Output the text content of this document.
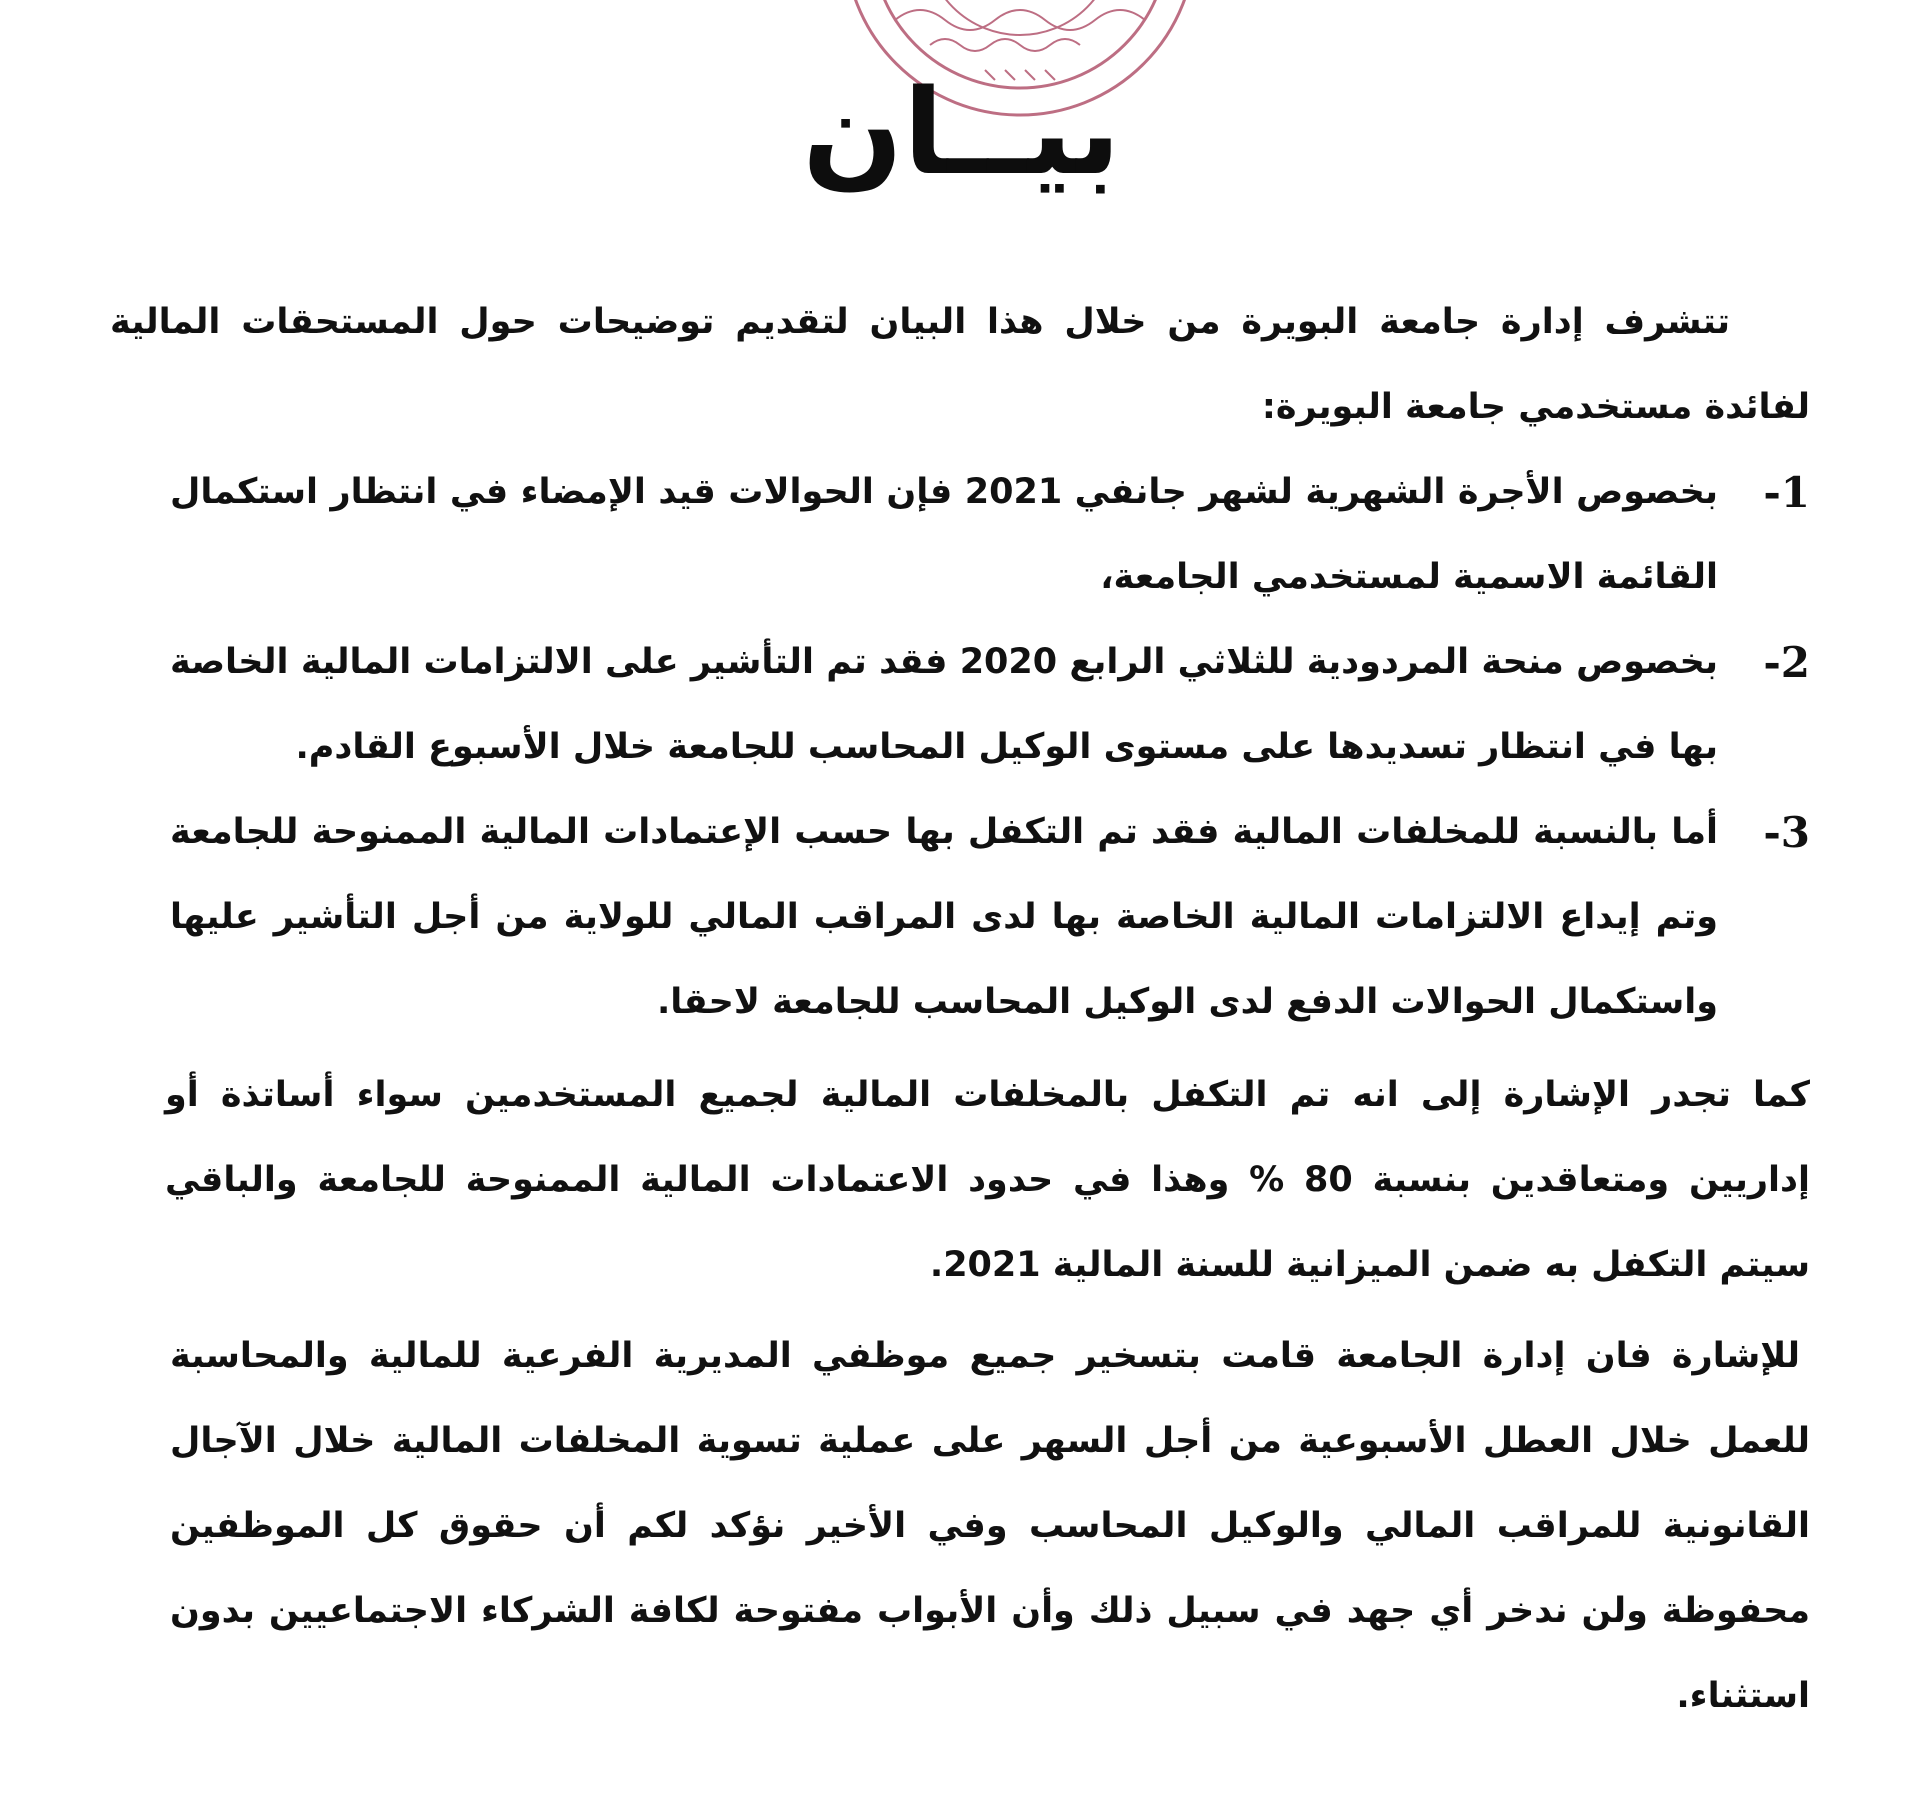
بيــان

تتشرف إدارة جامعة البويرة من خلال هذا البيان لتقديم توضيحات حول المستحقات المالية لفائدة مستخدمي جامعة البويرة:

1-
بخصوص الأجرة الشهرية لشهر جانفي 2021 فإن الحوالات قيد الإمضاء في انتظار استكمال القائمة الاسمية لمستخدمي الجامعة،
2-
بخصوص منحة المردودية للثلاثي الرابع 2020 فقد تم التأشير على الالتزامات المالية الخاصة بها في انتظار تسديدها على مستوى الوكيل المحاسب للجامعة خلال الأسبوع القادم.
3-
أما بالنسبة للمخلفات المالية فقد تم التكفل بها حسب الإعتمادات المالية الممنوحة للجامعة وتم إيداع الالتزامات المالية الخاصة بها لدى المراقب المالي للولاية من أجل التأشير عليها واستكمال الحوالات الدفع لدى الوكيل المحاسب للجامعة لاحقا.

كما تجدر الإشارة إلى انه تم التكفل بالمخلفات المالية لجميع المستخدمين سواء أساتذة أو إداريين ومتعاقدين بنسبة 80 % وهذا في حدود الاعتمادات المالية الممنوحة للجامعة والباقي سيتم التكفل به ضمن الميزانية للسنة المالية 2021.

للإشارة فان إدارة الجامعة قامت بتسخير جميع موظفي المديرية الفرعية للمالية والمحاسبة للعمل خلال العطل الأسبوعية من أجل السهر على عملية تسوية المخلفات المالية خلال الآجال القانونية للمراقب المالي والوكيل المحاسب وفي الأخير نؤكد لكم أن حقوق كل الموظفين محفوظة ولن ندخر أي جهد في سبيل ذلك وأن الأبواب مفتوحة لكافة الشركاء الاجتماعيين بدون استثناء.
